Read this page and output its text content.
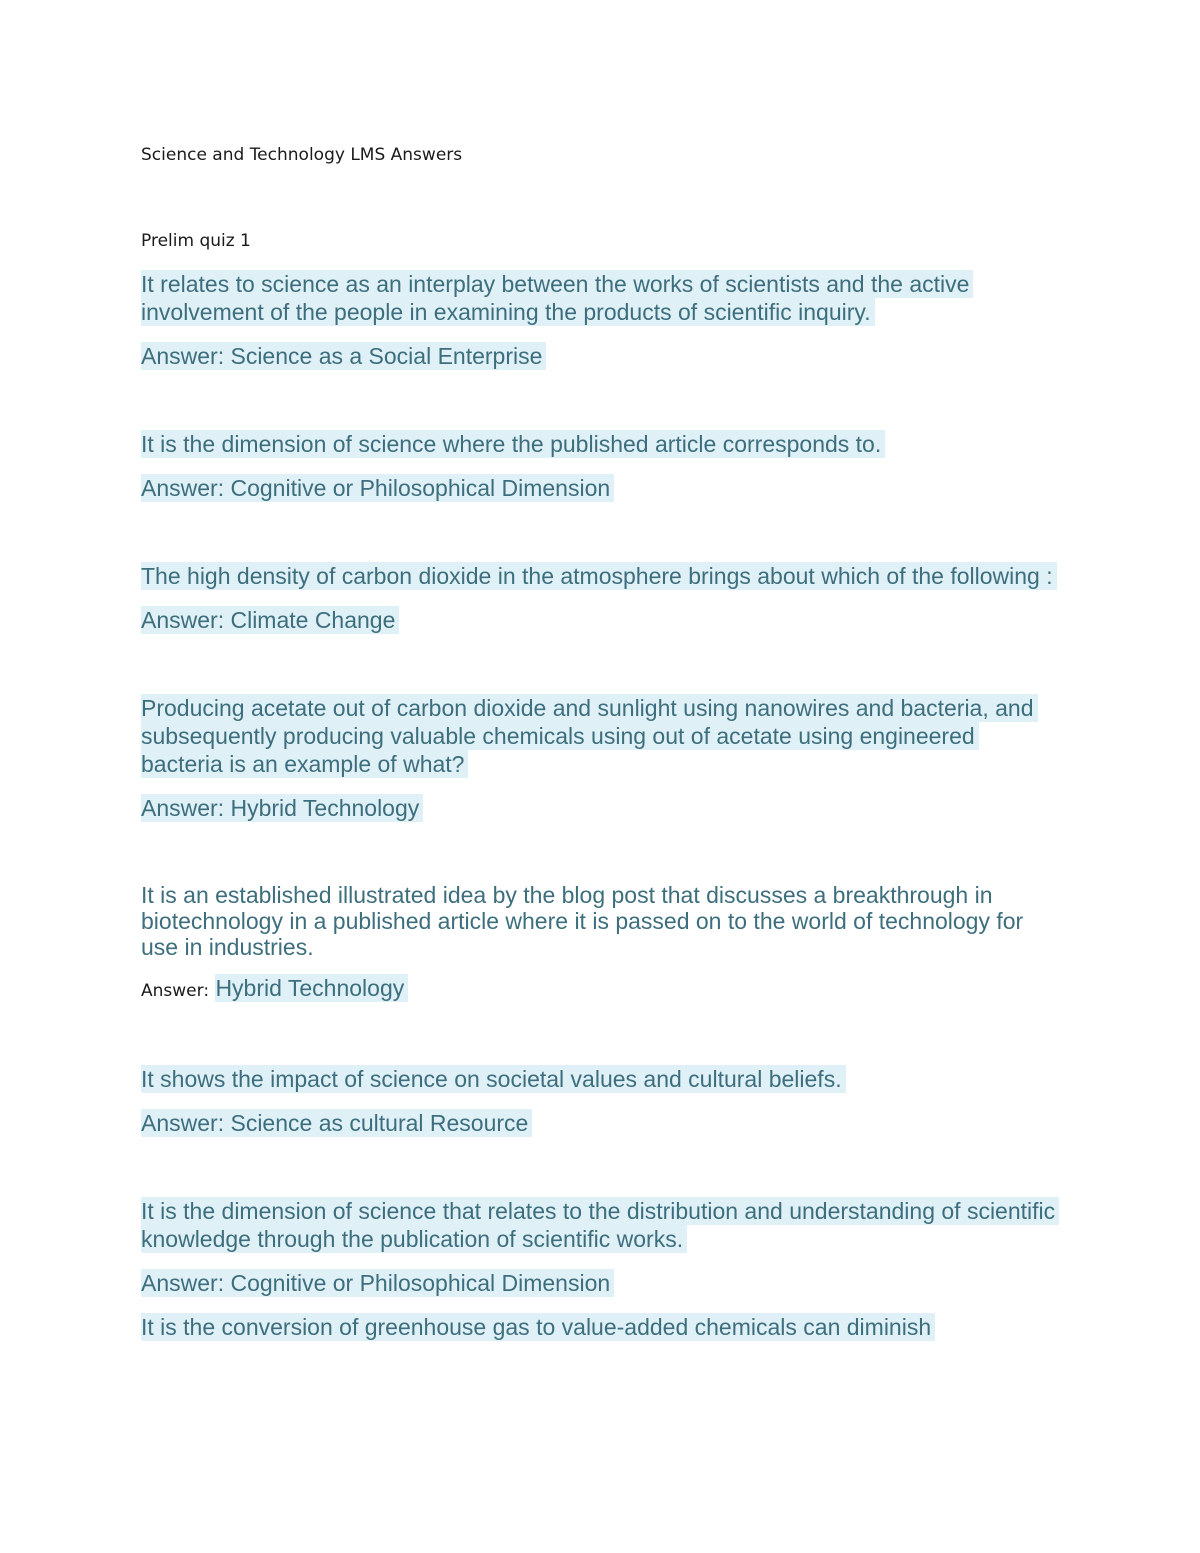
Science and Technology LMS Answers

Prelim quiz 1

It relates to science as an interplay between the works of scientists and the active involvement of the people in examining the products of scientific inquiry.

Answer: Science as a Social Enterprise

It is the dimension of science where the published article corresponds to.

Answer: Cognitive or Philosophical Dimension

The high density of carbon dioxide in the atmosphere brings about which of the following :

Answer: Climate Change

Producing acetate out of carbon dioxide and sunlight using nanowires and bacteria, and subsequently producing valuable chemicals using out of acetate using engineered bacteria is an example of what?

Answer: Hybrid Technology

It is an established illustrated idea by the blog post that discusses a breakthrough in biotechnology in a published article where it is passed on to the world of technology for use in industries.

Answer: Hybrid Technology

It shows the impact of science on societal values and cultural beliefs.

Answer: Science as cultural Resource

It is the dimension of science that relates to the distribution and understanding of scientific knowledge through the publication of scientific works.

Answer: Cognitive or Philosophical Dimension

It is the conversion of greenhouse gas to value-added chemicals can diminish
